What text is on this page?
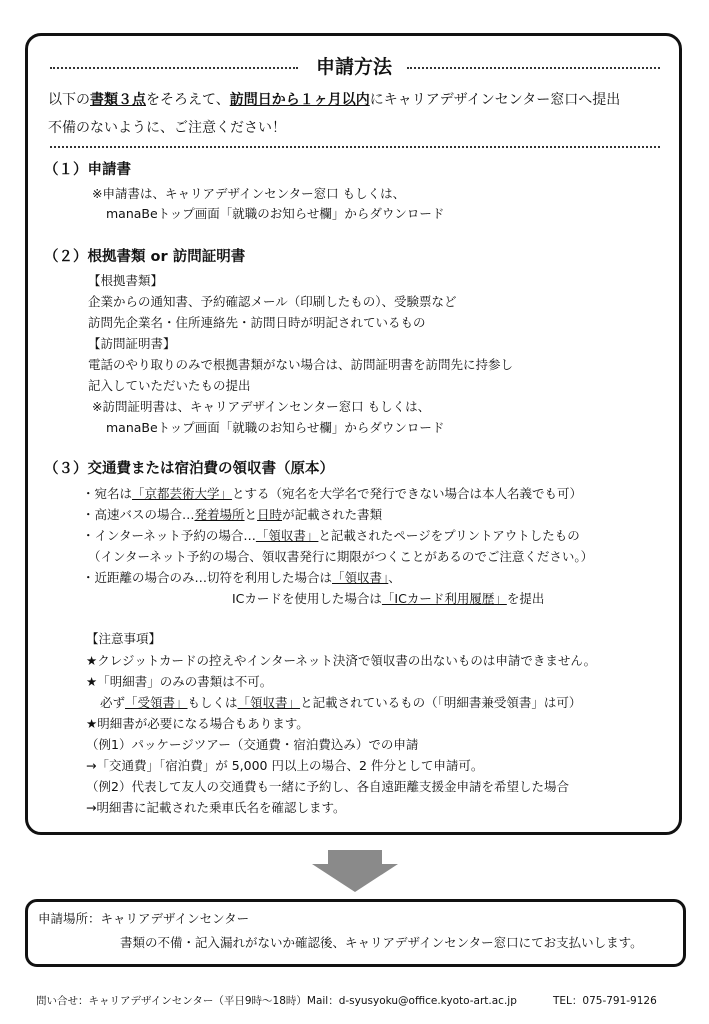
申請方法
以下の書類３点をそろえて、訪問日から１ヶ月以内にキャリアデザインセンター窓口へ提出
不備のないように、ご注意ください！
（１）申請書
※申請書は、キャリアデザインセンター窓口 もしくは、
manaBeトップ画面「就職のお知らせ欄」からダウンロード
（２）根拠書類 or 訪問証明書
【根拠書類】
企業からの通知書、予約確認メール（印刷したもの）、受験票など
訪問先企業名・住所連絡先・訪問日時が明記されているもの
【訪問証明書】
電話のやり取りのみで根拠書類がない場合は、訪問証明書を訪問先に持参し
記入していただいたもの提出
※訪問証明書は、キャリアデザインセンター窓口 もしくは、
manaBeトップ画面「就職のお知らせ欄」からダウンロード
（３）交通費または宿泊費の領収書（原本）
・宛名は「京都芸術大学」とする（宛名を大学名で発行できない場合は本人名義でも可）
・高速バスの場合…発着場所と日時が記載された書類
・インターネット予約の場合…「領収書」と記載されたページをプリントアウトしたもの
（インターネット予約の場合、領収書発行に期限がつくことがあるのでご注意ください。）
・近距離の場合のみ…切符を利用した場合は「領収書」、
ICカードを使用した場合は「ICカード利用履歴」を提出
【注意事項】
★クレジットカードの控えやインターネット決済で領収書の出ないものは申請できません。
★「明細書」のみの書類は不可。
必ず「受領書」もしくは「領収書」と記載されているもの（「明細書兼受領書」は可）
★明細書が必要になる場合もあります。
（例1）パッケージツアー（交通費・宿泊費込み）での申請
→「交通費」「宿泊費」が 5,000 円以上の場合、2 件分として申請可。
（例2）代表して友人の交通費も一緒に予約し、各自遠距離支援金申請を希望した場合
→明細書に記載された乗車氏名を確認します。
申請場所：キャリアデザインセンター
書類の不備・記入漏れがないか確認後、キャリアデザインセンター窓口にてお支払いします。
問い合せ：キャリアデザインセンター（平日9時～18時）Mail：d-syusyoku@office.kyoto-art.ac.jp	TEL：075-791-9126
